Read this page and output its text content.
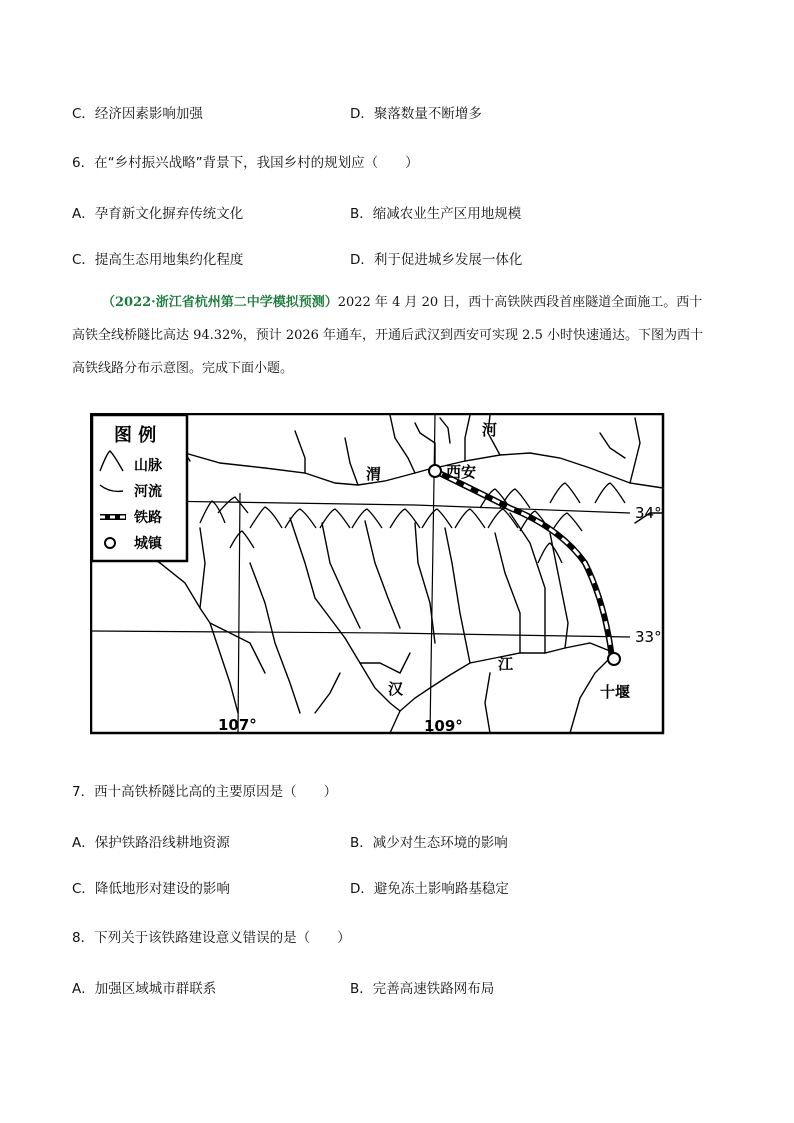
C．经济因素影响加强	D．聚落数量不断增多
6．在“乡村振兴战略”背景下，我国乡村的规划应（　　）
A．孕育新文化摒弃传统文化	B．缩减农业生产区用地规模
C．提高生态用地集约化程度	D．利于促进城乡发展一体化
（2022·浙江省杭州第二中学模拟预测）2022 年 4 月 20 日，西十高铁陕西段首座隧道全面施工。西十
高铁全线桥隧比高达 94.32%，预计 2026 年通车，开通后武汉到西安可实现 2.5 小时快速通达。下图为西十
高铁线路分布示意图。完成下面小题。
河
渭	西安
34°
33°
江
汉	十堰
107°	109°
图 例
山脉
河流
铁路
城镇
7．西十高铁桥隧比高的主要原因是（　　）
A．保护铁路沿线耕地资源	B．减少对生态环境的影响
C．降低地形对建设的影响	D．避免冻土影响路基稳定
8．下列关于该铁路建设意义错误的是（　　）
A．加强区域城市群联系	B．完善高速铁路网布局
